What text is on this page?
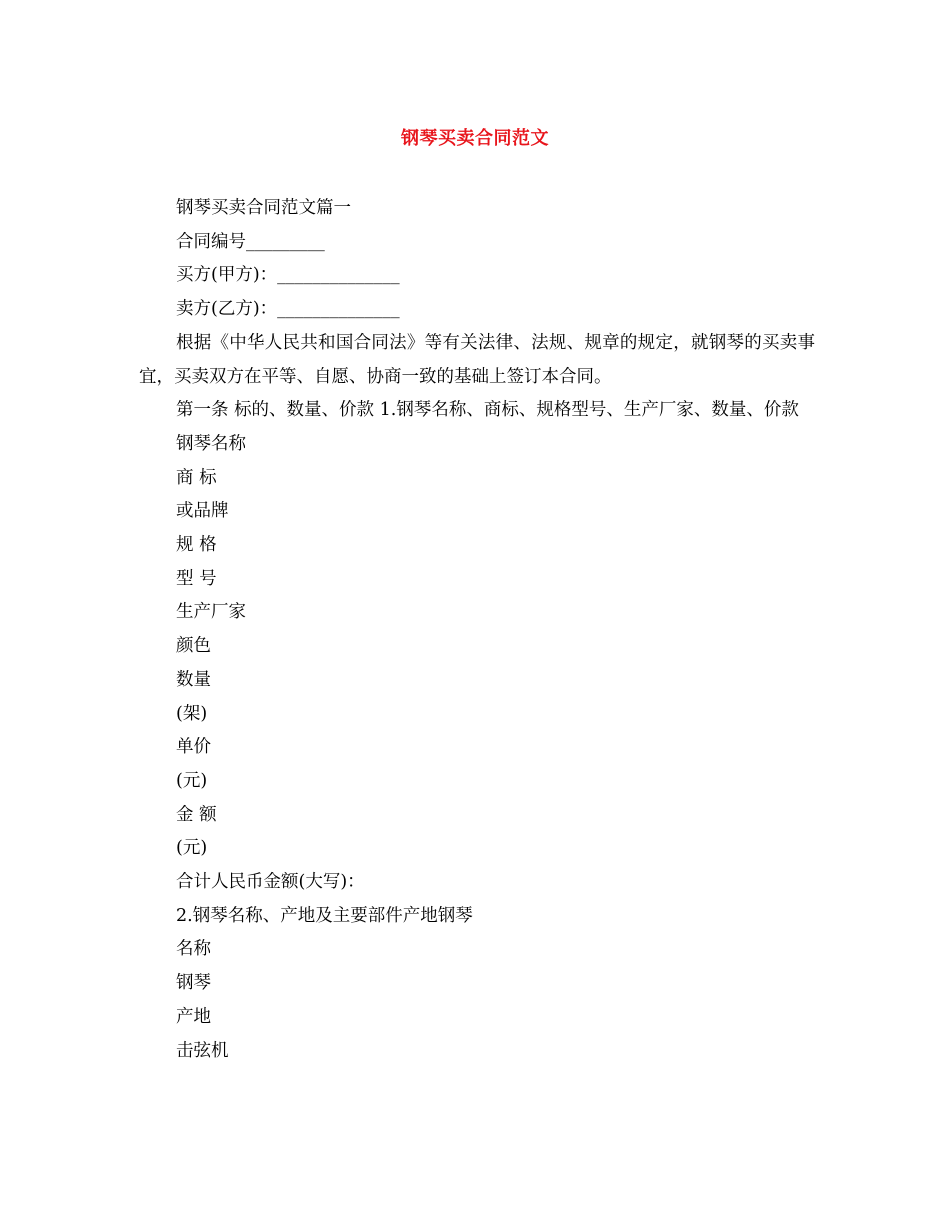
钢琴买卖合同范文

钢琴买卖合同范文篇一

合同编号_________

买方(甲方)：______________

卖方(乙方)：______________

根据《中华人民共和国合同法》等有关法律、法规、规章的规定，就钢琴的买卖事宜，买卖双方在平等、自愿、协商一致的基础上签订本合同。

第一条 标的、数量、价款 1.钢琴名称、商标、规格型号、生产厂家、数量、价款

钢琴名称

商 标

或品牌

规 格

型 号

生产厂家

颜色

数量

(架)

单价

(元)

金 额

(元)

合计人民币金额(大写)：

2.钢琴名称、产地及主要部件产地钢琴

名称

钢琴

产地

击弦机
